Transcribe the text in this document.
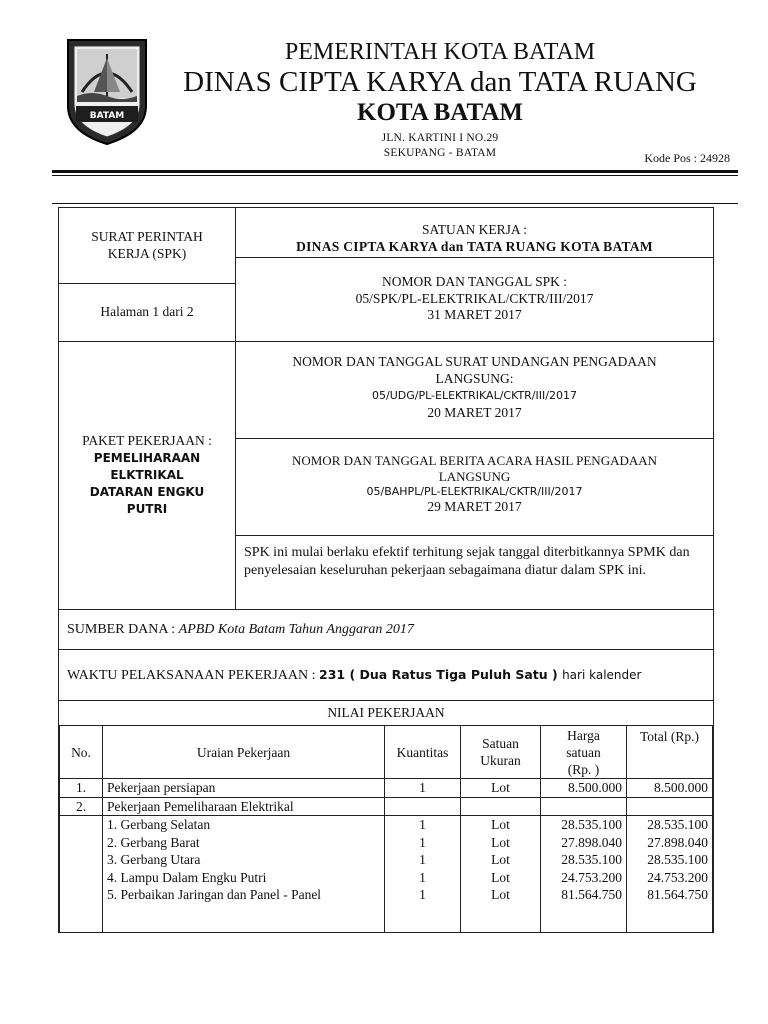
BATAM
PEMERINTAH KOTA BATAM
DINAS CIPTA KARYA dan TATA RUANG
KOTA BATAM
JLN. KARTINI I NO.29
SEKUPANG - BATAM	Kode Pos : 24928
SURAT PERINTAH KERJA (SPK)
Halaman 1 dari 2
SATUAN KERJA :
DINAS CIPTA KARYA dan TATA RUANG KOTA BATAM
NOMOR DAN TANGGAL SPK :
05/SPK/PL-ELEKTRIKAL/CKTR/III/2017
31 MARET 2017
PAKET PEKERJAAN :
PEMELIHARAAN ELKTRIKAL DATARAN ENGKU PUTRI
NOMOR DAN TANGGAL SURAT UNDANGAN PENGADAAN LANGSUNG:
05/UDG/PL-ELEKTRIKAL/CKTR/III/2017
20 MARET 2017
NOMOR DAN TANGGAL BERITA ACARA HASIL PENGADAAN LANGSUNG
05/BAHPL/PL-ELEKTRIKAL/CKTR/III/2017
29 MARET 2017
SPK ini mulai berlaku efektif terhitung sejak tanggal diterbitkannya SPMK dan penyelesaian keseluruhan pekerjaan sebagaimana diatur dalam SPK ini.
SUMBER DANA : APBD Kota Batam Tahun Anggaran 2017
WAKTU PELAKSANAAN PEKERJAAN : 231 ( Dua Ratus Tiga Puluh Satu ) hari kalender
NILAI PEKERJAAN
No.	Uraian Pekerjaan	Kuantitas	Satuan Ukuran	Harga satuan (Rp. )	Total (Rp.)
1.	Pekerjaan persiapan	1	Lot	8.500.000	8.500.000
2.	Pekerjaan Pemeliharaan Elektrikal				
	1. Gerbang Selatan	1	Lot	28.535.100	28.535.100
	2. Gerbang Barat	1	Lot	27.898.040	27.898.040
	3. Gerbang Utara	1	Lot	28.535.100	28.535.100
	4. Lampu Dalam Engku Putri	1	Lot	24.753.200	24.753.200
	5. Perbaikan Jaringan dan Panel - Panel	1	Lot	81.564.750	81.564.750
